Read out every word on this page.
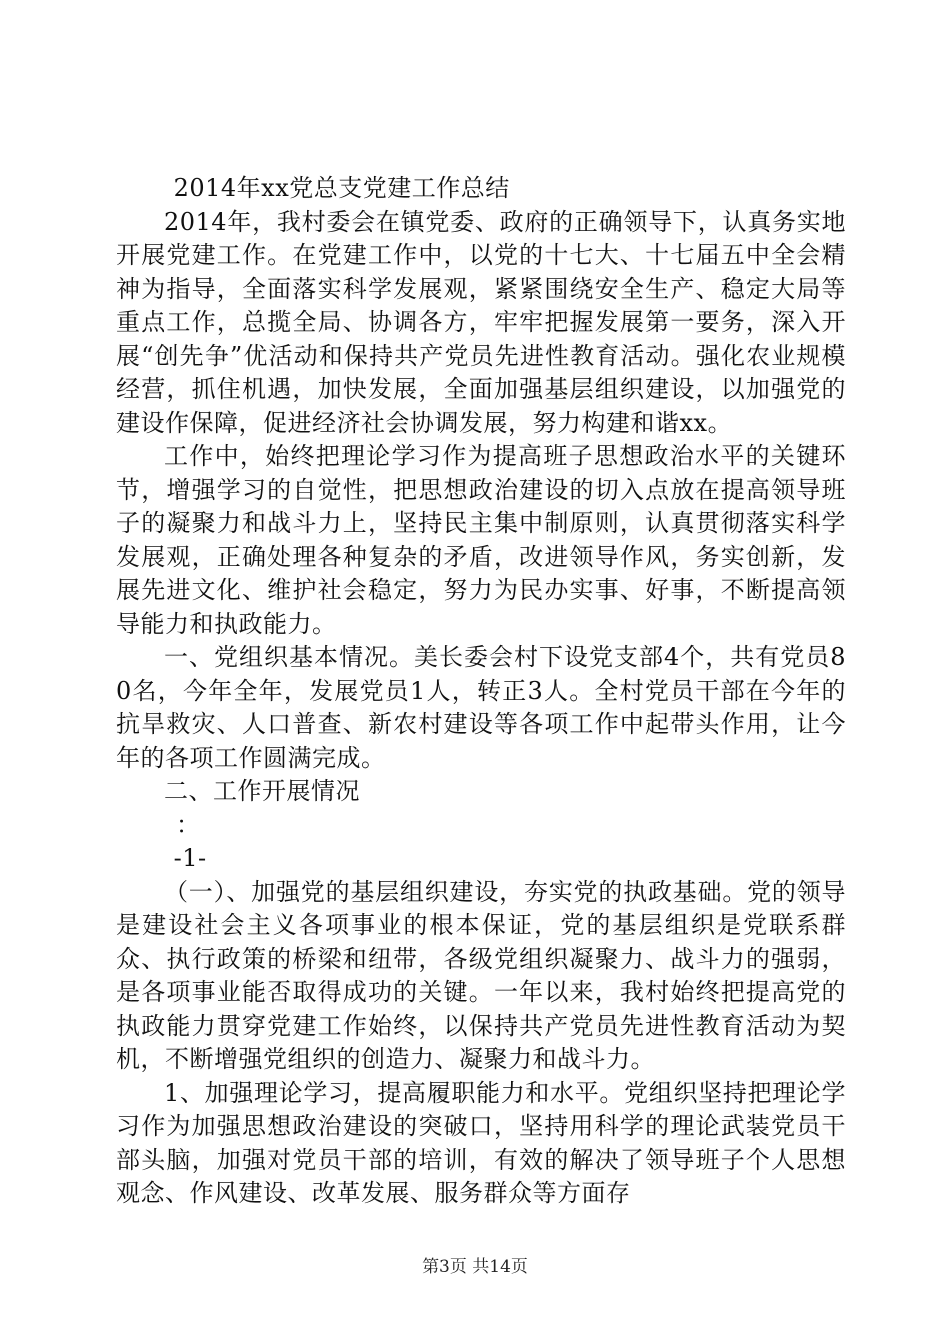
2014年xx党总支党建工作总结

2014年，我村委会在镇党委、政府的正确领导下，认真务实地开展党建工作。在党建工作中，以党的十七大、十七届五中全会精神为指导，全面落实科学发展观，紧紧围绕安全生产、稳定大局等重点工作，总揽全局、协调各方，牢牢把握发展第一要务，深入开展“创先争”优活动和保持共产党员先进性教育活动。强化农业规模经营，抓住机遇，加快发展，全面加强基层组织建设，以加强党的建设作保障，促进经济社会协调发展，努力构建和谐xx。

工作中，始终把理论学习作为提高班子思想政治水平的关键环节，增强学习的自觉性，把思想政治建设的切入点放在提高领导班子的凝聚力和战斗力上，坚持民主集中制原则，认真贯彻落实科学发展观，正确处理各种复杂的矛盾，改进领导作风，务实创新，发展先进文化、维护社会稳定，努力为民办实事、好事，不断提高领导能力和执政能力。

一、党组织基本情况。美长委会村下设党支部4个，共有党员80名，今年全年，发展党员1人，转正3人。全村党员干部在今年的抗旱救灾、人口普查、新农村建设等各项工作中起带头作用，让今年的各项工作圆满完成。

二、工作开展情况

：

-1-

（一）、加强党的基层组织建设，夯实党的执政基础。党的领导是建设社会主义各项事业的根本保证，党的基层组织是党联系群众、执行政策的桥梁和纽带，各级党组织凝聚力、战斗力的强弱，是各项事业能否取得成功的关键。一年以来，我村始终把提高党的执政能力贯穿党建工作始终，以保持共产党员先进性教育活动为契机，不断增强党组织的创造力、凝聚力和战斗力。

1、加强理论学习，提高履职能力和水平。党组织坚持把理论学习作为加强思想政治建设的突破口，坚持用科学的理论武装党员干部头脑，加强对党员干部的培训，有效的解决了领导班子个人思想观念、作风建设、改革发展、服务群众等方面存

第3页 共14页
